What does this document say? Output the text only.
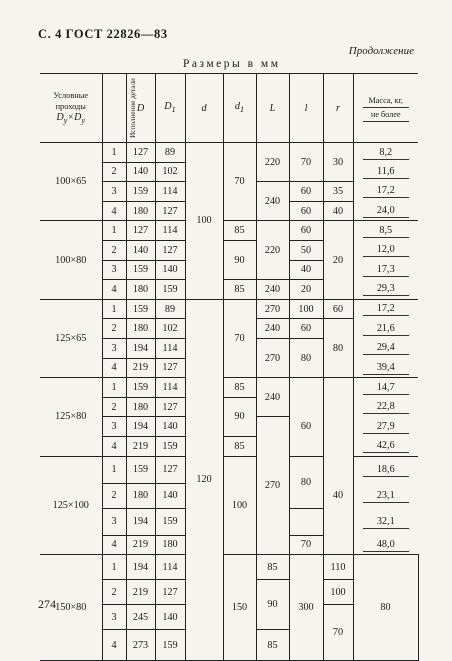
С. 4 ГОСТ 22826—83
Продолжение
Размеры в мм
Условные
проходы
$D_y\times D_y$	Исполнение детали	D	$D_1$	d	$d_1$	L	l	r	Масса, кг,
не более	
100×65	1	127	89	100	70	220	70	30	8,2	
	2	140	102						11,6	
	3	159	114			240	60	35	17,2	
	4	180	127				60	40	24,0	
100×80	1	127	114		85	220	60	20	8,5	
	2	140	127		90		50		12,0	
	3	159	140				40		17,3	
	4	180	159		85	240	20		29,3	
125×65	1	159	89	120	70	270	100	60	17,2	
	2	180	102			240	60	80	21,6	
	3	194	114			270	80		29,4	
	4	219	127						39,4	
125×80	1	159	114		85	240			14,7	
	2	180	127		90		60		22,8	
	3	194	140			270			27,9	
	4	219	159		85			40	42,6	
125×100	1	159	127		100		80		18,6	
	2	180	140						23,1	
	3	194	159						32,1	
	4	219	180				70		48,0	
150×80	1	194	114		150	85	300	110	80	
	2	219	127			90		100	
	3	245	140					70	
	4	273	159			85	
274
